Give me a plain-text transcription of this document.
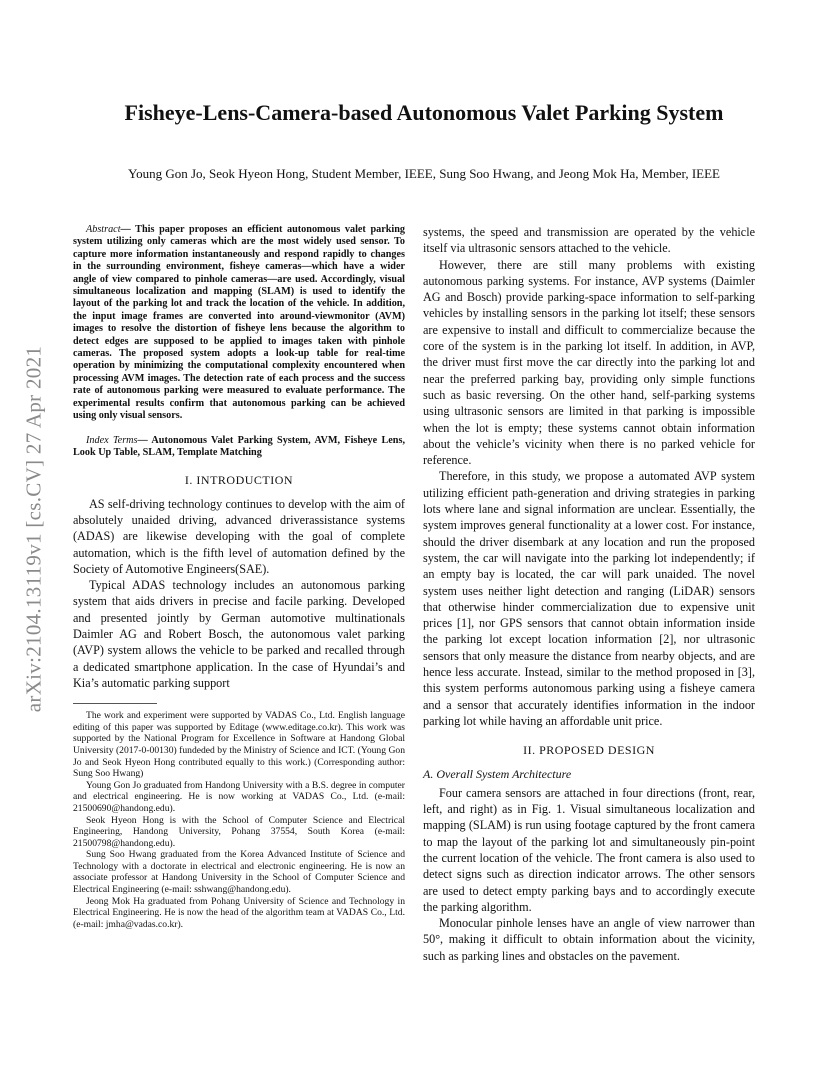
arXiv:2104.13119v1 [cs.CV] 27 Apr 2021
Fisheye-Lens-Camera-based Autonomous Valet Parking System
Young Gon Jo, Seok Hyeon Hong, Student Member, IEEE, Sung Soo Hwang, and Jeong Mok Ha, Member, IEEE

Abstract— This paper proposes an efficient autonomous valet parking system utilizing only cameras which are the most widely used sensor. To capture more information instantaneously and respond rapidly to changes in the surrounding environment, fisheye cameras—which have a wider angle of view compared to pinhole cameras—are used. Accordingly, visual simultaneous localization and mapping (SLAM) is used to identify the layout of the parking lot and track the location of the vehicle. In addition, the input image frames are converted into around-viewmonitor (AVM) images to resolve the distortion of fisheye lens because the algorithm to detect edges are supposed to be applied to images taken with pinhole cameras. The proposed system adopts a look-up table for real-time operation by minimizing the computational complexity encountered when processing AVM images. The detection rate of each process and the success rate of autonomous parking were measured to evaluate performance. The experimental results confirm that autonomous parking can be achieved using only visual sensors.

Index Terms— Autonomous Valet Parking System, AVM, Fisheye Lens, Look Up Table, SLAM, Template Matching

I. INTRODUCTION

AS self-driving technology continues to develop with the aim of absolutely unaided driving, advanced driverassistance systems (ADAS) are likewise developing with the goal of complete automation, which is the fifth level of automation defined by the Society of Automotive Engineers(SAE).

Typical ADAS technology includes an autonomous parking system that aids drivers in precise and facile parking. Developed and presented jointly by German automotive multinationals Daimler AG and Robert Bosch, the autonomous valet parking (AVP) system allows the vehicle to be parked and recalled through a dedicated smartphone application. In the case of Hyundai’s and Kia’s automatic parking support

The work and experiment were supported by VADAS Co., Ltd. English language editing of this paper was supported by Editage (www.editage.co.kr). This work was supported by the National Program for Excellence in Software at Handong Global University (2017-0-00130) fundeded by the Ministry of Science and ICT. (Young Gon Jo and Seok Hyeon Hong contributed equally to this work.) (Corresponding author: Sung Soo Hwang)

Young Gon Jo graduated from Handong University with a B.S. degree in computer and electrical engineering. He is now working at VADAS Co., Ltd. (e-mail: 21500690@handong.edu).

Seok Hyeon Hong is with the School of Computer Science and Electrical Engineering, Handong University, Pohang 37554, South Korea (e-mail: 21500798@handong.edu).

Sung Soo Hwang graduated from the Korea Advanced Institute of Science and Technology with a doctorate in electrical and electronic engineering. He is now an associate professor at Handong University in the School of Computer Science and Electrical Engineering (e-mail: sshwang@handong.edu).

Jeong Mok Ha graduated from Pohang University of Science and Technology in Electrical Engineering. He is now the head of the algorithm team at VADAS Co., Ltd. (e-mail: jmha@vadas.co.kr).

systems, the speed and transmission are operated by the vehicle itself via ultrasonic sensors attached to the vehicle.

However, there are still many problems with existing autonomous parking systems. For instance, AVP systems (Daimler AG and Bosch) provide parking-space information to self-parking vehicles by installing sensors in the parking lot itself; these sensors are expensive to install and difficult to commercialize because the core of the system is in the parking lot itself. In addition, in AVP, the driver must first move the car directly into the parking lot and near the preferred parking bay, providing only simple functions such as basic reversing. On the other hand, self-parking systems using ultrasonic sensors are limited in that parking is impossible when the lot is empty; these systems cannot obtain information about the vehicle’s vicinity when there is no parked vehicle for reference.

Therefore, in this study, we propose a automated AVP system utilizing efficient path-generation and driving strategies in parking lots where lane and signal information are unclear. Essentially, the system improves general functionality at a lower cost. For instance, should the driver disembark at any location and run the proposed system, the car will navigate into the parking lot independently; if an empty bay is located, the car will park unaided. The novel system uses neither light detection and ranging (LiDAR) sensors that otherwise hinder commercialization due to expensive unit prices [1], nor GPS sensors that cannot obtain information inside the parking lot except location information [2], nor ultrasonic sensors that only measure the distance from nearby objects, and are hence less accurate. Instead, similar to the method proposed in [3], this system performs autonomous parking using a fisheye camera and a sensor that accurately identifies information in the indoor parking lot while having an affordable unit price.

II. PROPOSED DESIGN
A. Overall System Architecture

Four camera sensors are attached in four directions (front, rear, left, and right) as in Fig. 1. Visual simultaneous localization and mapping (SLAM) is run using footage captured by the front camera to map the layout of the parking lot and simultaneously pin-point the current location of the vehicle. The front camera is also used to detect signs such as direction indicator arrows. The other sensors are used to detect empty parking bays and to accordingly execute the parking algorithm.

Monocular pinhole lenses have an angle of view narrower than 50°, making it difficult to obtain information about the vicinity, such as parking lines and obstacles on the pavement.
